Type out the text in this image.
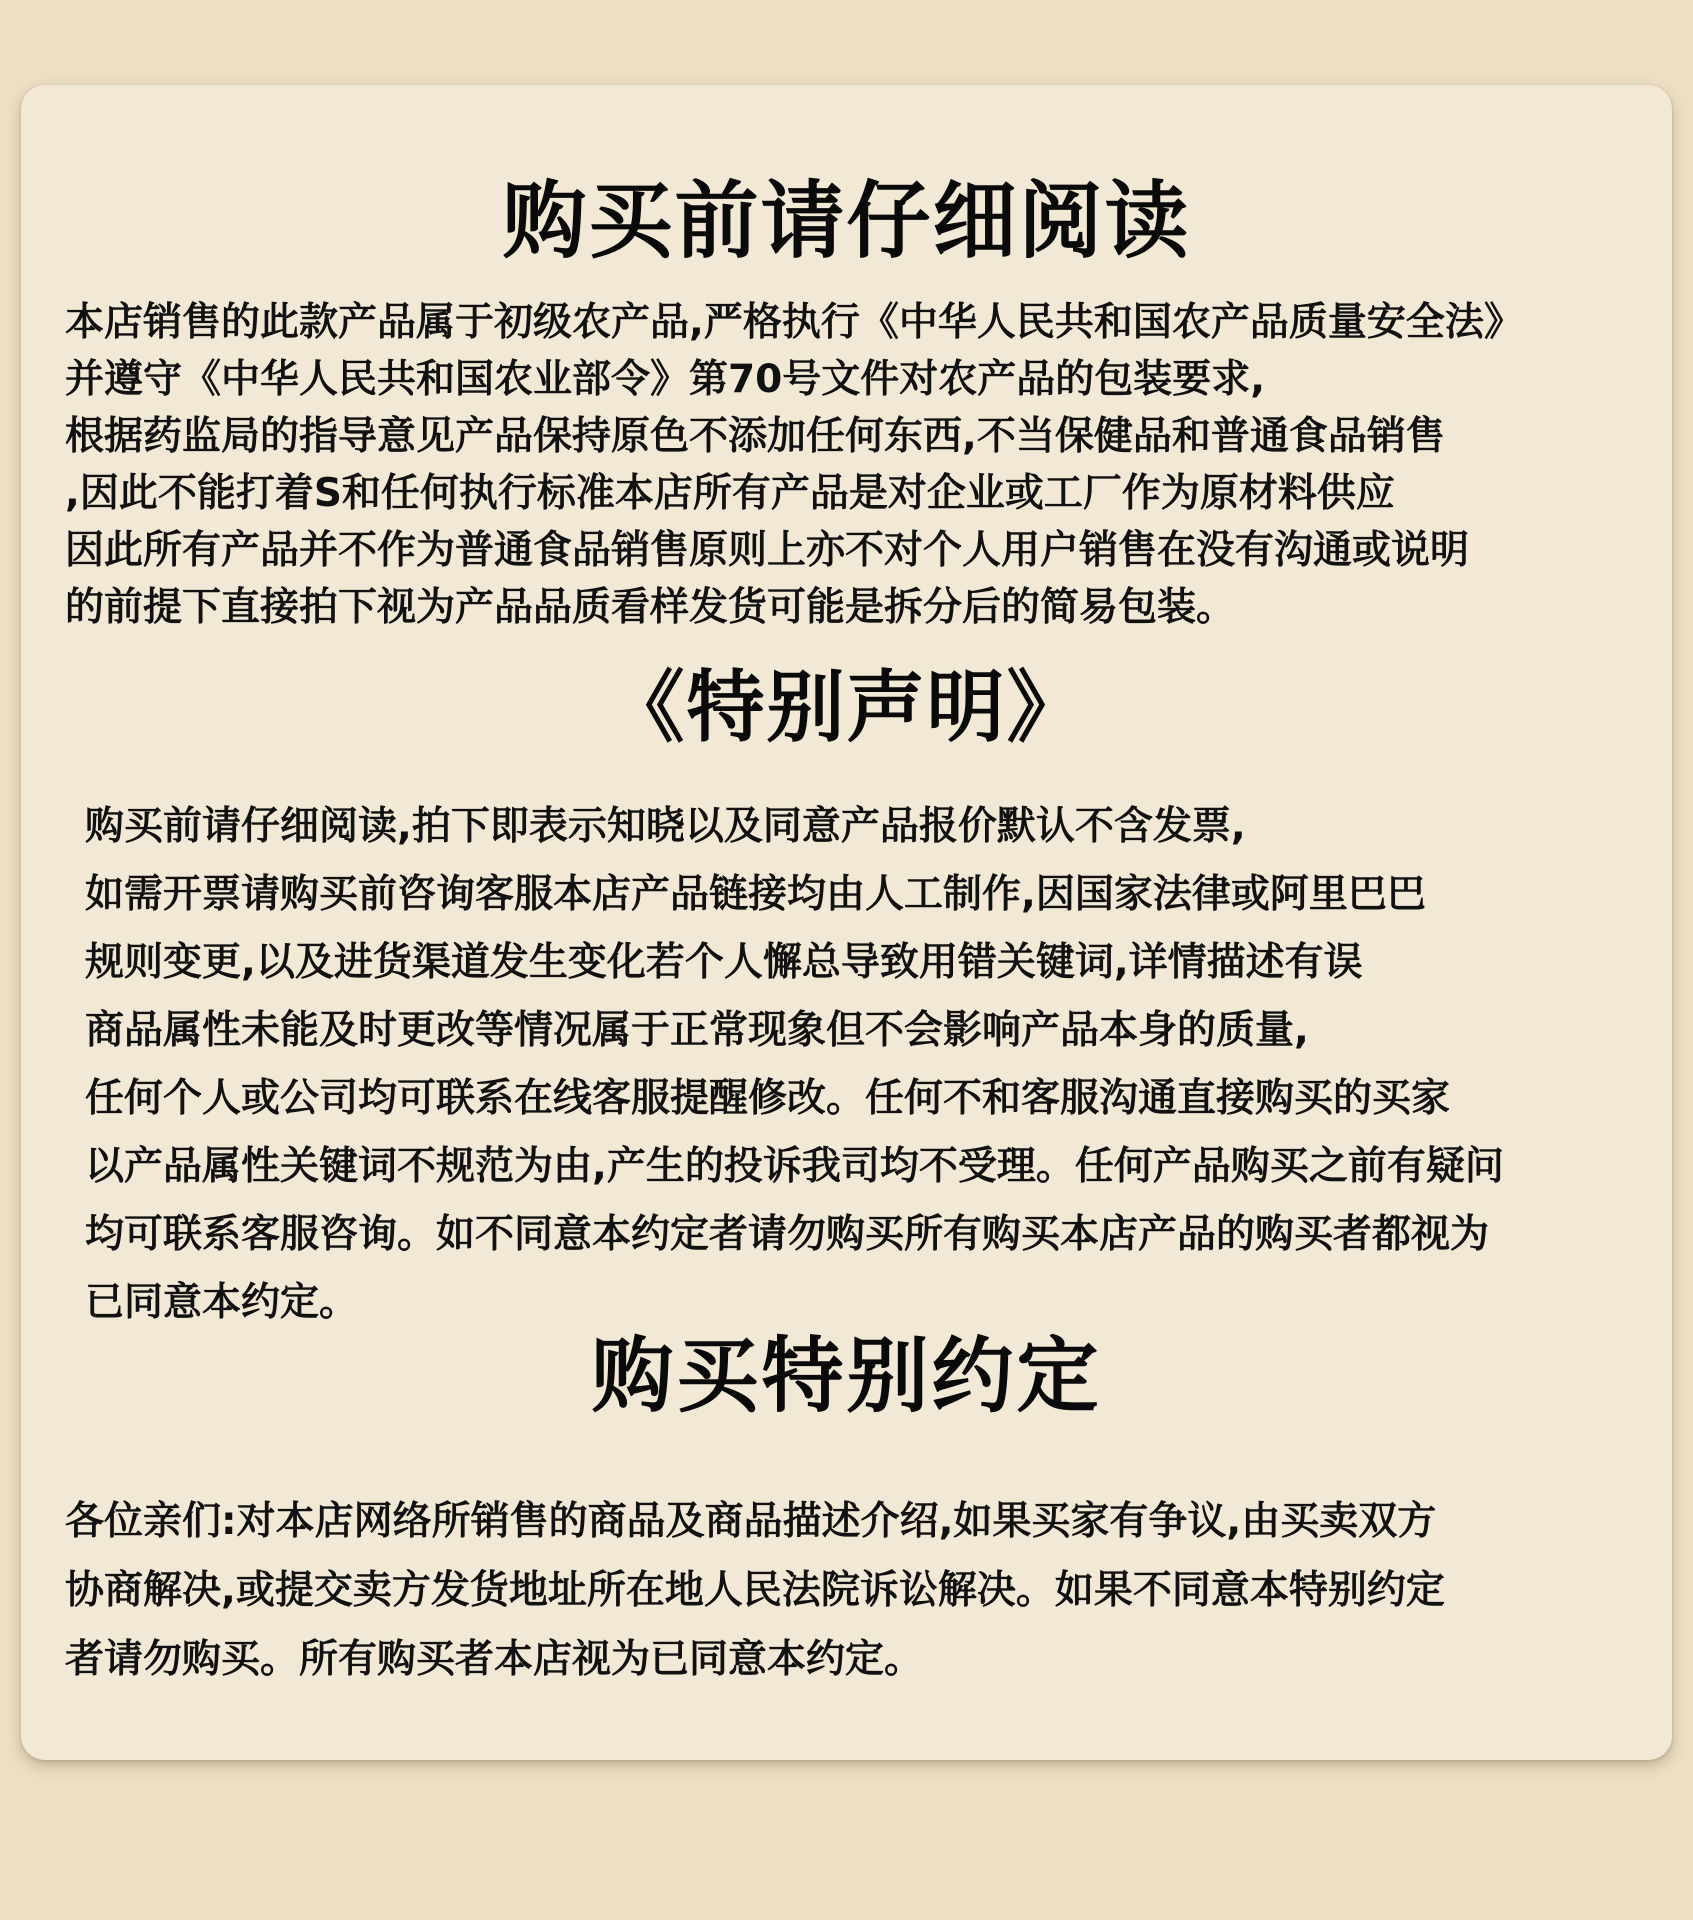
购买前请仔细阅读
本店销售的此款产品属于初级农产品,严格执行《中华人民共和国农产品质量安全法》
并遵守《中华人民共和国农业部令》第70号文件对农产品的包装要求,
根据药监局的指导意见产品保持原色不添加任何东西,不当保健品和普通食品销售
,因此不能打着S和任何执行标准本店所有产品是对企业或工厂作为原材料供应
因此所有产品并不作为普通食品销售原则上亦不对个人用户销售在没有沟通或说明
的前提下直接拍下视为产品品质看样发货可能是拆分后的简易包装。
《特别声明》
购买前请仔细阅读,拍下即表示知晓以及同意产品报价默认不含发票,
如需开票请购买前咨询客服本店产品链接均由人工制作,因国家法律或阿里巴巴
规则变更,以及进货渠道发生变化若个人懈总导致用错关键词,详情描述有误
商品属性未能及时更改等情况属于正常现象但不会影响产品本身的质量,
任何个人或公司均可联系在线客服提醒修改。任何不和客服沟通直接购买的买家
以产品属性关键词不规范为由,产生的投诉我司均不受理。任何产品购买之前有疑问
均可联系客服咨询。如不同意本约定者请勿购买所有购买本店产品的购买者都视为
已同意本约定。
购买特别约定
各位亲们:对本店网络所销售的商品及商品描述介绍,如果买家有争议,由买卖双方
协商解决,或提交卖方发货地址所在地人民法院诉讼解决。如果不同意本特别约定
者请勿购买。所有购买者本店视为已同意本约定。
